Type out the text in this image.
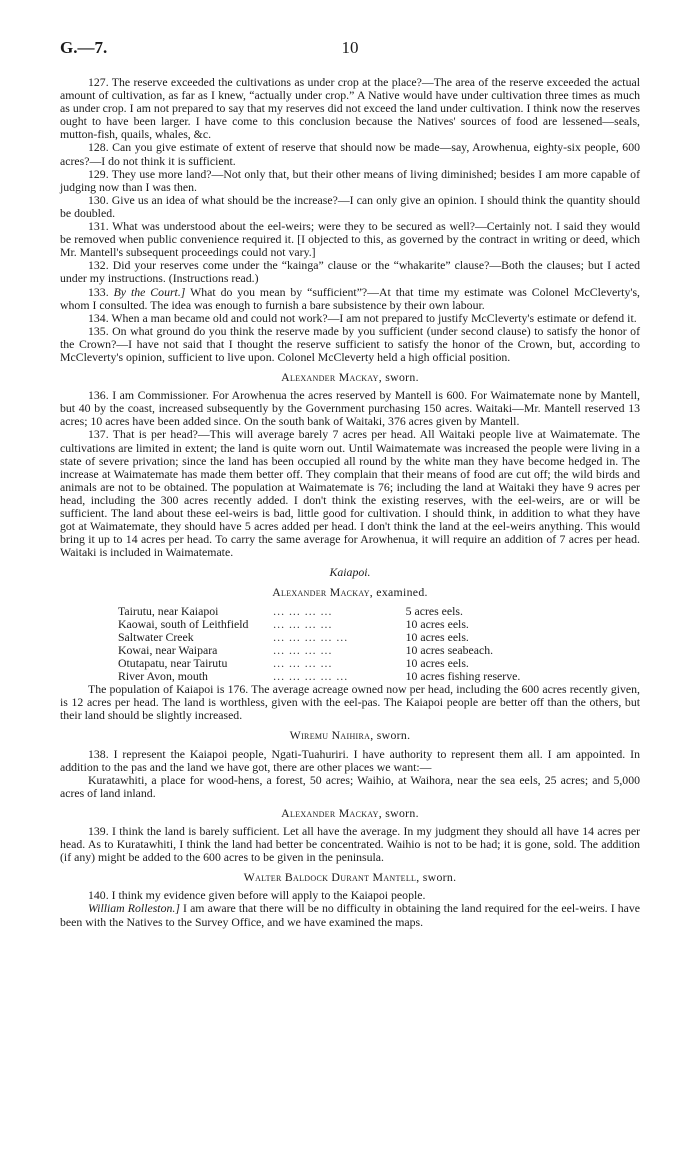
G.—7.	10

127. The reserve exceeded the cultivations as under crop at the place?—The area of the reserve exceeded the actual amount of cultivation, as far as I knew, “actually under crop.” A Native would have under cultivation three times as much as under crop. I am not prepared to say that my reserves did not exceed the land under cultivation. I think now the reserves ought to have been larger. I have come to this conclusion because the Natives' sources of food are lessened—seals, mutton-fish, quails, whales, &c.

128. Can you give estimate of extent of reserve that should now be made—say, Arowhenua, eighty-six people, 600 acres?—I do not think it is sufficient.

129. They use more land?—Not only that, but their other means of living diminished; besides I am more capable of judging now than I was then.

130. Give us an idea of what should be the increase?—I can only give an opinion. I should think the quantity should be doubled.

131. What was understood about the eel-weirs; were they to be secured as well?—Certainly not. I said they would be removed when public convenience required it. [I objected to this, as governed by the contract in writing or deed, which Mr. Mantell's subsequent proceedings could not vary.]

132. Did your reserves come under the “kainga” clause or the “whakarite” clause?—Both the clauses; but I acted under my instructions. (Instructions read.)

133. By the Court.] What do you mean by “sufficient”?—At that time my estimate was Colonel McCleverty's, whom I consulted. The idea was enough to furnish a bare subsistence by their own labour.

134. When a man became old and could not work?—I am not prepared to justify McCleverty's estimate or defend it.

135. On what ground do you think the reserve made by you sufficient (under second clause) to satisfy the honor of the Crown?—I have not said that I thought the reserve sufficient to satisfy the honor of the Crown, but, according to McCleverty's opinion, sufficient to live upon. Colonel McCleverty held a high official position.

Alexander Mackay, sworn.

136. I am Commissioner. For Arowhenua the acres reserved by Mantell is 600. For Waimatemate none by Mantell, but 40 by the coast, increased subsequently by the Government purchasing 150 acres. Waitaki—Mr. Mantell reserved 13 acres; 10 acres have been added since. On the south bank of Waitaki, 376 acres given by Mantell.

137. That is per head?—This will average barely 7 acres per head. All Waitaki people live at Waimatemate. The cultivations are limited in extent; the land is quite worn out. Until Waimatemate was increased the people were living in a state of severe privation; since the land has been occupied all round by the white man they have become hedged in. The increase at Waimatemate has made them better off. They complain that their means of food are cut off; the wild birds and animals are not to be obtained. The population at Waimatemate is 76; including the land at Waitaki they have 9 acres per head, including the 300 acres recently added. I don't think the existing reserves, with the eel-weirs, are or will be sufficient. The land about these eel-weirs is bad, little good for cultivation. I should think, in addition to what they have got at Waimatemate, they should have 5 acres added per head. I don't think the land at the eel-weirs anything. This would bring it up to 14 acres per head. To carry the same average for Arowhenua, it will require an addition of 7 acres per head. Waitaki is included in Waimatemate.

Kaiapoi.
Alexander Mackay, examined.
Tairutu, near Kaiapoi	... ... ... ...	5 acres eels.
Kaowai, south of Leithfield	... ... ... ...	10 acres eels.
Saltwater Creek	... ... ... ... ...	10 acres eels.
Kowai, near Waipara	... ... ... ...	10 acres seabeach.
Otutapatu, near Tairutu	... ... ... ...	10 acres eels.
River Avon, mouth	... ... ... ... ...	10 acres fishing reserve.

The population of Kaiapoi is 176. The average acreage owned now per head, including the 600 acres recently given, is 12 acres per head. The land is worthless, given with the eel-pas. The Kaiapoi people are better off than the others, but their land should be slightly increased.

Wiremu Naihira, sworn.

138. I represent the Kaiapoi people, Ngati-Tuahuriri. I have authority to represent them all. I am appointed. In addition to the pas and the land we have got, there are other places we want:—

Kuratawhiti, a place for wood-hens, a forest, 50 acres; Waihio, at Waihora, near the sea eels, 25 acres; and 5,000 acres of land inland.

Alexander Mackay, sworn.

139. I think the land is barely sufficient. Let all have the average. In my judgment they should all have 14 acres per head. As to Kuratawhiti, I think the land had better be concentrated. Waihio is not to be had; it is gone, sold. The addition (if any) might be added to the 600 acres to be given in the peninsula.

Walter Baldock Durant Mantell, sworn.

140. I think my evidence given before will apply to the Kaiapoi people.

William Rolleston.] I am aware that there will be no difficulty in obtaining the land required for the eel-weirs. I have been with the Natives to the Survey Office, and we have examined the maps.
